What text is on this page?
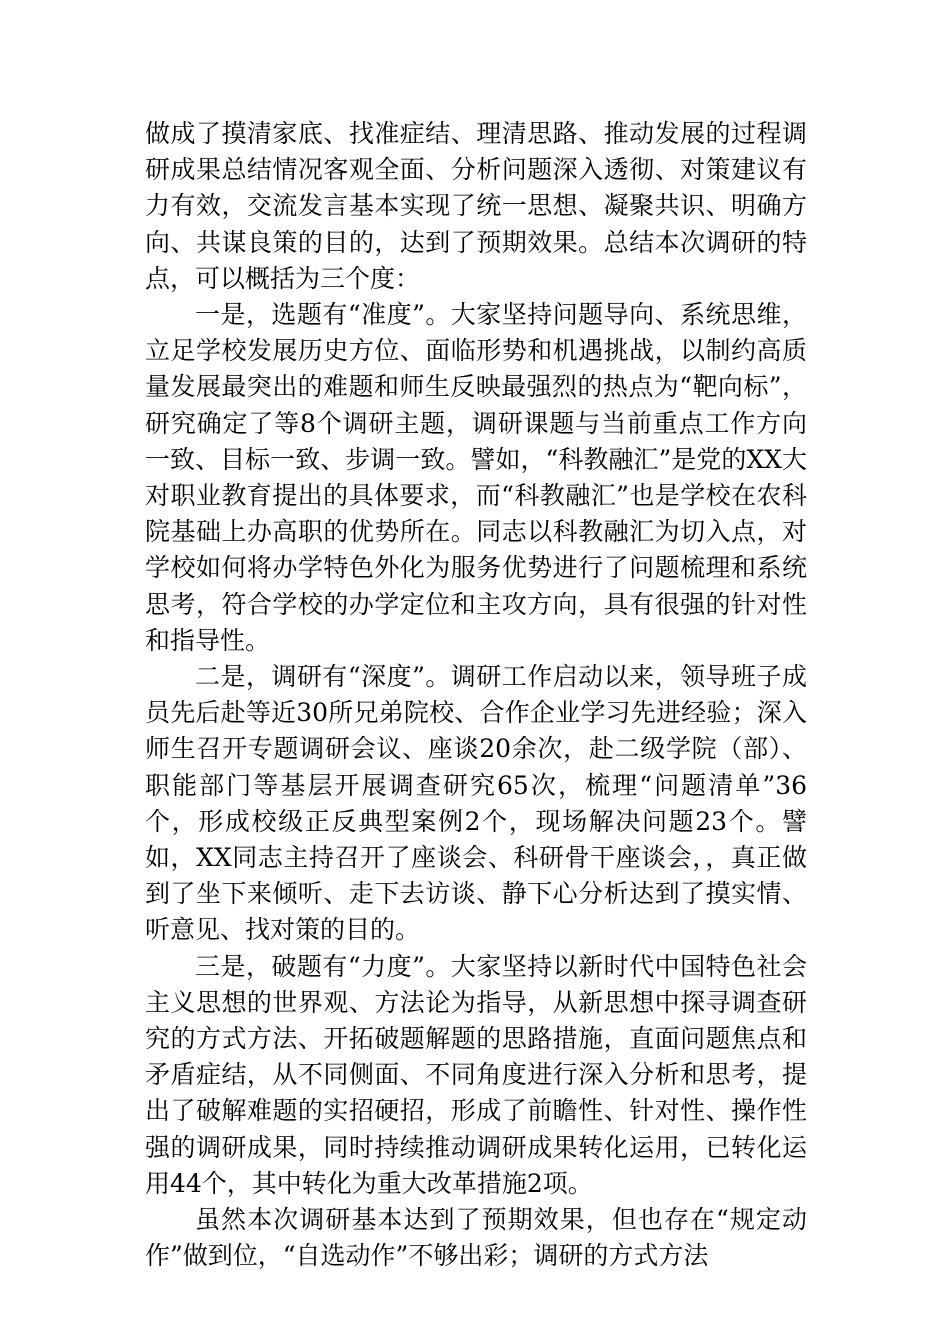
做成了摸清家底、找准症结、理清思路、推动发展的过程调研成果总结情况客观全面、分析问题深入透彻、对策建议有力有效，交流发言基本实现了统一思想、凝聚共识、明确方向、共谋良策的目的，达到了预期效果。总结本次调研的特点，可以概括为三个度：

一是，选题有“准度”。大家坚持问题导向、系统思维，立足学校发展历史方位、面临形势和机遇挑战，以制约高质量发展最突出的难题和师生反映最强烈的热点为“靶向标”，研究确定了等8个调研主题，调研课题与当前重点工作方向一致、目标一致、步调一致。譬如，“科教融汇”是党的XX大对职业教育提出的具体要求，而“科教融汇”也是学校在农科院基础上办高职的优势所在。同志以科教融汇为切入点，对学校如何将办学特色外化为服务优势进行了问题梳理和系统思考，符合学校的办学定位和主攻方向，具有很强的针对性和指导性。

二是，调研有“深度”。调研工作启动以来，领导班子成员先后赴等近30所兄弟院校、合作企业学习先进经验；深入师生召开专题调研会议、座谈20余次，赴二级学院（部）、职能部门等基层开展调查研究65次，梳理“问题清单”36个，形成校级正反典型案例2个，现场解决问题23个。譬如，XX同志主持召开了座谈会、科研骨干座谈会，，真正做到了坐下来倾听、走下去访谈、静下心分析达到了摸实情、听意见、找对策的目的。

三是，破题有“力度”。大家坚持以新时代中国特色社会主义思想的世界观、方法论为指导，从新思想中探寻调查研究的方式方法、开拓破题解题的思路措施，直面问题焦点和矛盾症结，从不同侧面、不同角度进行深入分析和思考，提出了破解难题的实招硬招，形成了前瞻性、针对性、操作性强的调研成果，同时持续推动调研成果转化运用，已转化运用44个，其中转化为重大改革措施2项。

虽然本次调研基本达到了预期效果，但也存在“规定动作”做到位，“自选动作”不够出彩；调研的方式方法
